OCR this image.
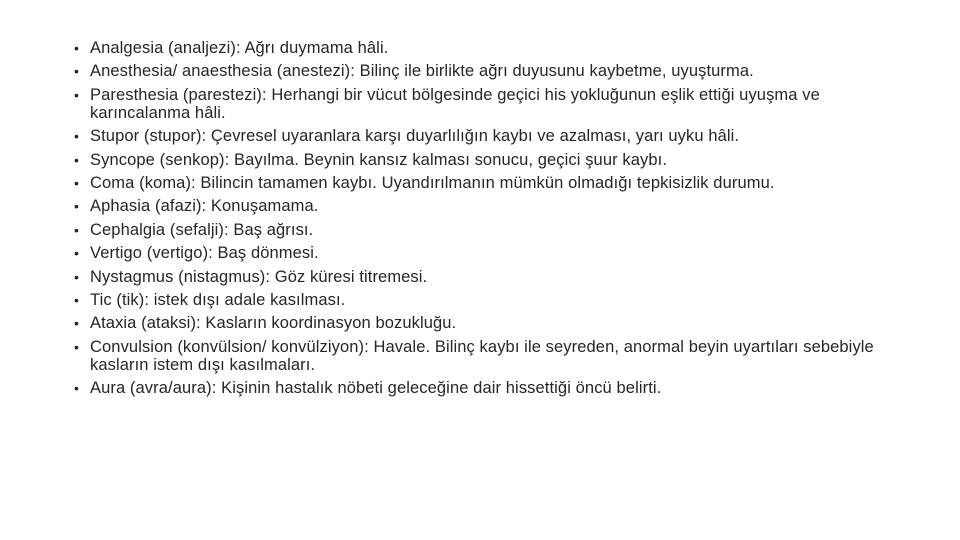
• Analgesia (analjezi): Ağrı duymama hâli.
• Anesthesia/ anaesthesia (anestezi): Bilinç ile birlikte ağrı duyusunu kaybetme, uyuşturma.
• Paresthesia (parestezi): Herhangi bir vücut bölgesinde geçici his yokluğunun eşlik ettiği uyuşma ve karıncalanma hâli.
• Stupor (stupor): Çevresel uyaranlara karşı duyarlılığın kaybı ve azalması, yarı uyku hâli.
• Syncope (senkop): Bayılma. Beynin kansız kalması sonucu, geçici şuur kaybı.
• Coma (koma): Bilincin tamamen kaybı. Uyandırılmanın mümkün olmadığı tepkisizlik durumu.
• Aphasia (afazi): Konuşamama.
• Cephalgia (sefalji): Baş ağrısı.
• Vertigo (vertigo): Baş dönmesi.
• Nystagmus (nistagmus): Göz küresi titremesi.
• Tic (tik): istek dışı adale kasılması.
• Ataxia (ataksi): Kasların koordinasyon bozukluğu.
• Convulsion (konvülsion/ konvülziyon): Havale. Bilinç kaybı ile seyreden, anormal beyin uyartıları sebebiyle kasların istem dışı kasılmaları.
• Aura (avra/aura): Kişinin hastalık nöbeti geleceğine dair hissettiği öncü belirti.
